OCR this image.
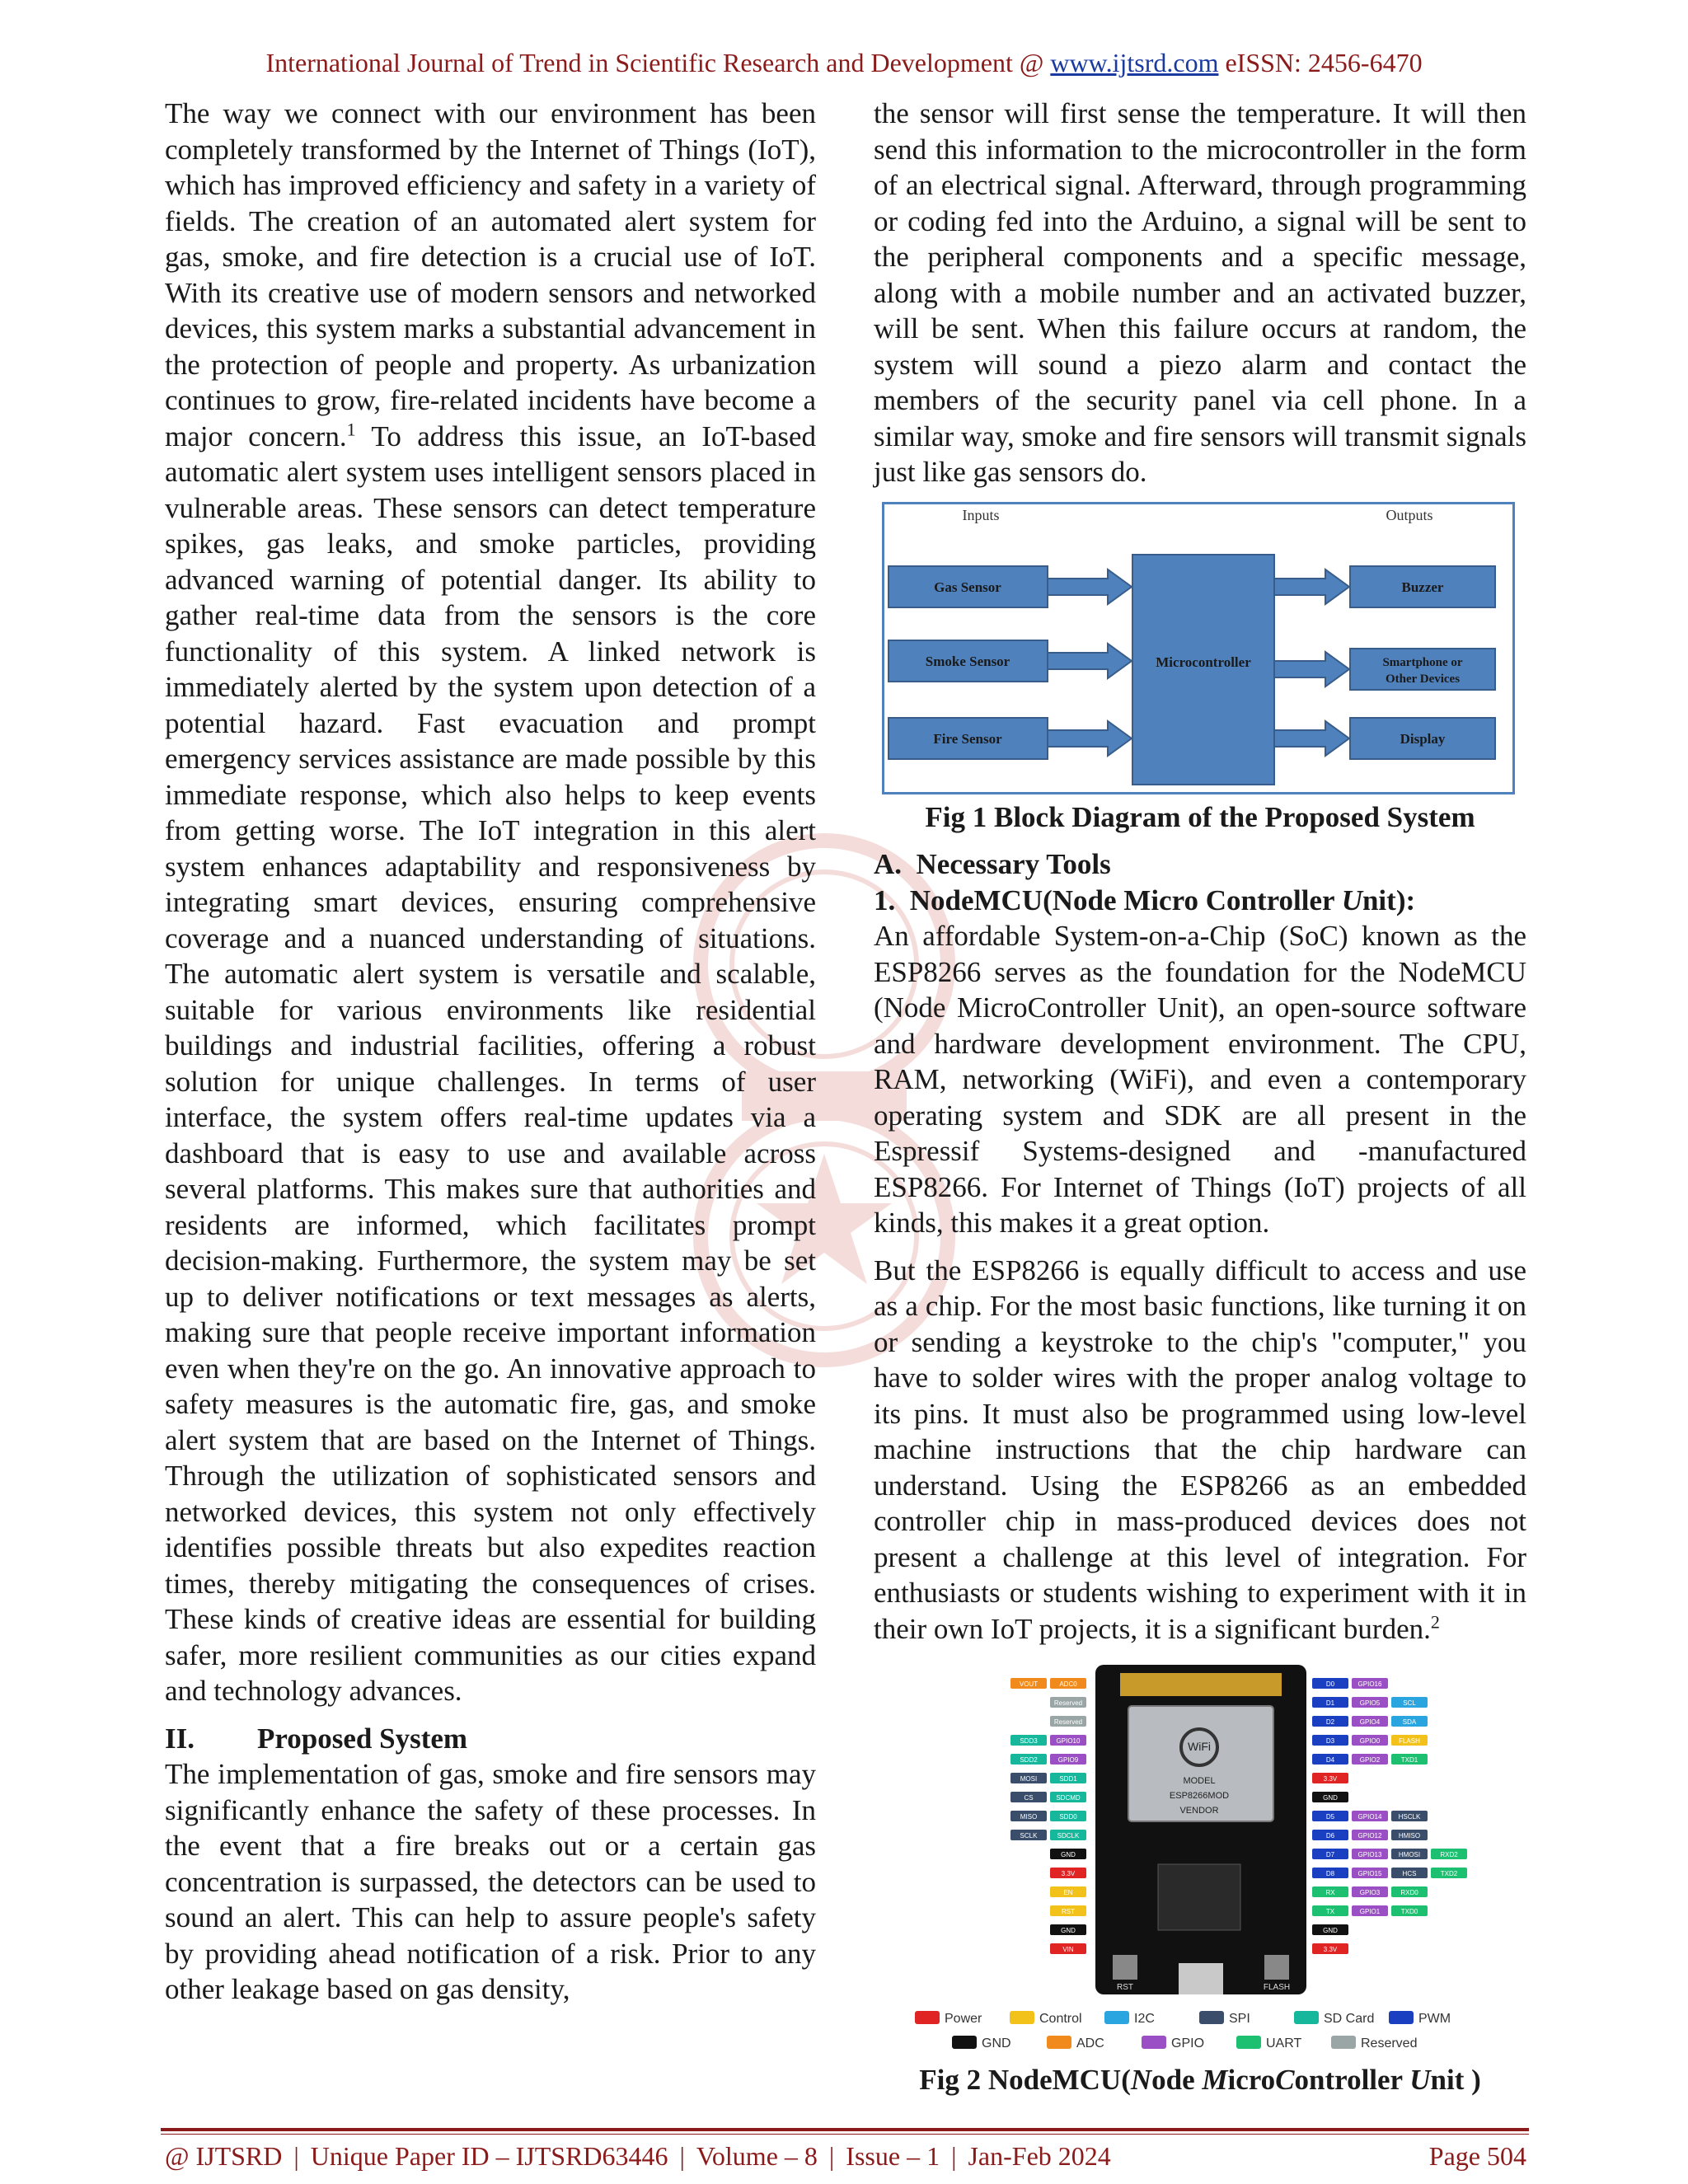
International Journal of Trend in Scientific Research and Development @ www.ijtsrd.com eISSN: 2456-6470

The way we connect with our environment has been completely transformed by the Internet of Things (IoT), which has improved efficiency and safety in a variety of fields. The creation of an automated alert system for gas, smoke, and fire detection is a crucial use of IoT. With its creative use of modern sensors and networked devices, this system marks a substantial advancement in the protection of people and property. As urbanization continues to grow, fire-related incidents have become a major concern.$^1$ To address this issue, an IoT-based automatic alert system uses intelligent sensors placed in vulnerable areas. These sensors can detect temperature spikes, gas leaks, and smoke particles, providing advanced warning of potential danger. Its ability to gather real-time data from the sensors is the core functionality of this system. A linked network is immediately alerted by the system upon detection of a potential hazard. Fast evacuation and prompt emergency services assistance are made possible by this immediate response, which also helps to keep events from getting worse. The IoT integration in this alert system enhances adaptability and responsiveness by integrating smart devices, ensuring comprehensive coverage and a nuanced understanding of situations. The automatic alert system is versatile and scalable, suitable for various environments like residential buildings and industrial facilities, offering a robust solution for unique challenges. In terms of user interface, the system offers real-time updates via a dashboard that is easy to use and available across several platforms. This makes sure that authorities and residents are informed, which facilitates prompt decision-making. Furthermore, the system may be set up to deliver notifications or text messages as alerts, making sure that people receive important information even when they're on the go. An innovative approach to safety measures is the automatic fire, gas, and smoke alert system that are based on the Internet of Things. Through the utilization of sophisticated sensors and networked devices, this system not only effectively identifies possible threats but also expedites reaction times, thereby mitigating the consequences of crises. These kinds of creative ideas are essential for building safer, more resilient communities as our cities expand and technology advances.

II. Proposed System

The implementation of gas, smoke and fire sensors may significantly enhance the safety of these processes. In the event that a fire breaks out or a certain gas concentration is surpassed, the detectors can be used to sound an alert. This can help to assure people's safety by providing ahead notification of a risk. Prior to any other leakage based on gas density,

the sensor will first sense the temperature. It will then send this information to the microcontroller in the form of an electrical signal. Afterward, through programming or coding fed into the Arduino, a signal will be sent to the peripheral components and a specific message, along with a mobile number and an activated buzzer, will be sent. When this failure occurs at random, the system will sound a piezo alarm and contact the members of the security panel via cell phone. In a similar way, smoke and fire sensors will transmit signals just like gas sensors do.

Inputs	Outputs
Gas Sensor
Smoke Sensor
Fire Sensor
Microcontroller
Buzzer
Smartphone or
Other Devices
Display

Fig 1 Block Diagram of the Proposed System

A.  Necessary Tools

1.  NodeMCU(Node Micro Controller Unit):

An affordable System-on-a-Chip (SoC) known as the ESP8266 serves as the foundation for the NodeMCU (Node MicroController Unit), an open-source software and hardware development environment. The CPU, RAM, networking (WiFi), and even a contemporary operating system and SDK are all present in the Espressif Systems-designed and -manufactured ESP8266. For Internet of Things (IoT) projects of all kinds, this makes it a great option.

But the ESP8266 is equally difficult to access and use as a chip. For the most basic functions, like turning it on or sending a keystroke to the chip's "computer," you have to solder wires with the proper analog voltage to its pins. It must also be programmed using low-level machine instructions that the chip hardware can understand. Using the ESP8266 as an embedded controller chip in mass-produced devices does not present a challenge at this level of integration. For enthusiasts or students wishing to experiment with it in their own IoT projects, it is a significant burden.$^2$

WiFi
MODEL
ESP8266MOD
VENDOR
RST	FLASH
ADC0
VOUT
Reserved
Reserved
GPIO10
SDD3
GPIO9
SDD2
SDD1
MOSI
SDCMD
CS
SDD0
MISO
SDCLK
SCLK
GND
3.3V
EN
RST
GND
VIN
D0	GPIO16
D1	GPIO5	SCL
D2	GPIO4	SDA
D3	GPIO0	FLASH
D4	GPIO2	TXD1
3.3V
GND
D5	GPIO14	HSCLK
D6	GPIO12	HMISO
D7	GPIO13	HMOSI	RXD2
D8	GPIO15	HCS	TXD2
RX	GPIO3	RXD0
TX	GPIO1	TXD0
GND
3.3V
Power	Control	I2C	SPI	SD Card	PWM
GND	ADC	GPIO	UART	Reserved

Fig 2 NodeMCU(Node MicroController Unit )

@ IJTSRD | Unique Paper ID – IJTSRD63446 | Volume – 8 | Issue – 1 | Jan-Feb 2024	Page 504
